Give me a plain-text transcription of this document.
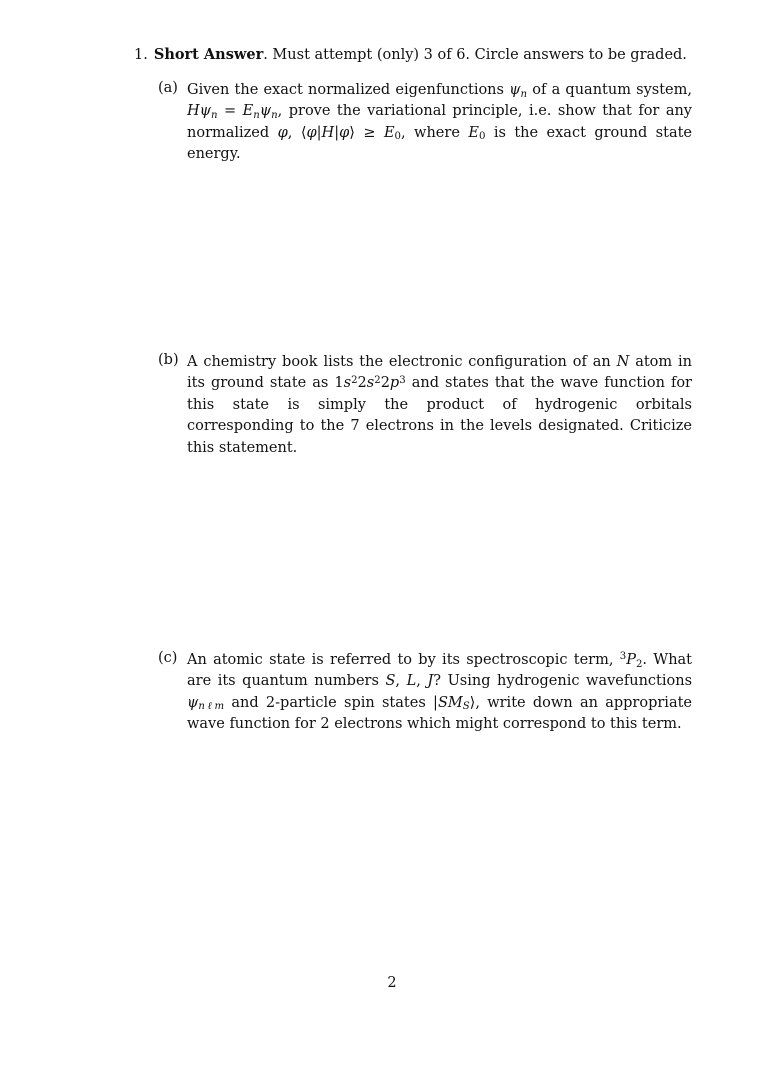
1. Short Answer. Must attempt (only) 3 of 6. Circle answers to be graded.
(a) Given the exact normalized eigenfunctions $\psi_n$ of a quantum system, $H\psi_n = E_n\psi_n$, prove the variational principle, i.e. show that for any normalized φ, ⟨φ|H|φ⟩ ≥ $E_0$, where $E_0$ is the exact ground state energy.
(b) A chemistry book lists the electronic configuration of an N atom in its ground state as $1s^22s^22p^3$ and states that the wave function for this state is simply the product of hydrogenic orbitals corresponding to the 7 electrons in the levels designated. Criticize this statement.
(c) An atomic state is referred to by its spectroscopic term, $^3P_2$. What are its quantum numbers S, L, J? Using hydrogenic wavefunctions $\psi_{n\ell m}$ and 2-particle spin states $|SM_S⟩$, write down an appropriate wave function for 2 electrons which might correspond to this term.
2
